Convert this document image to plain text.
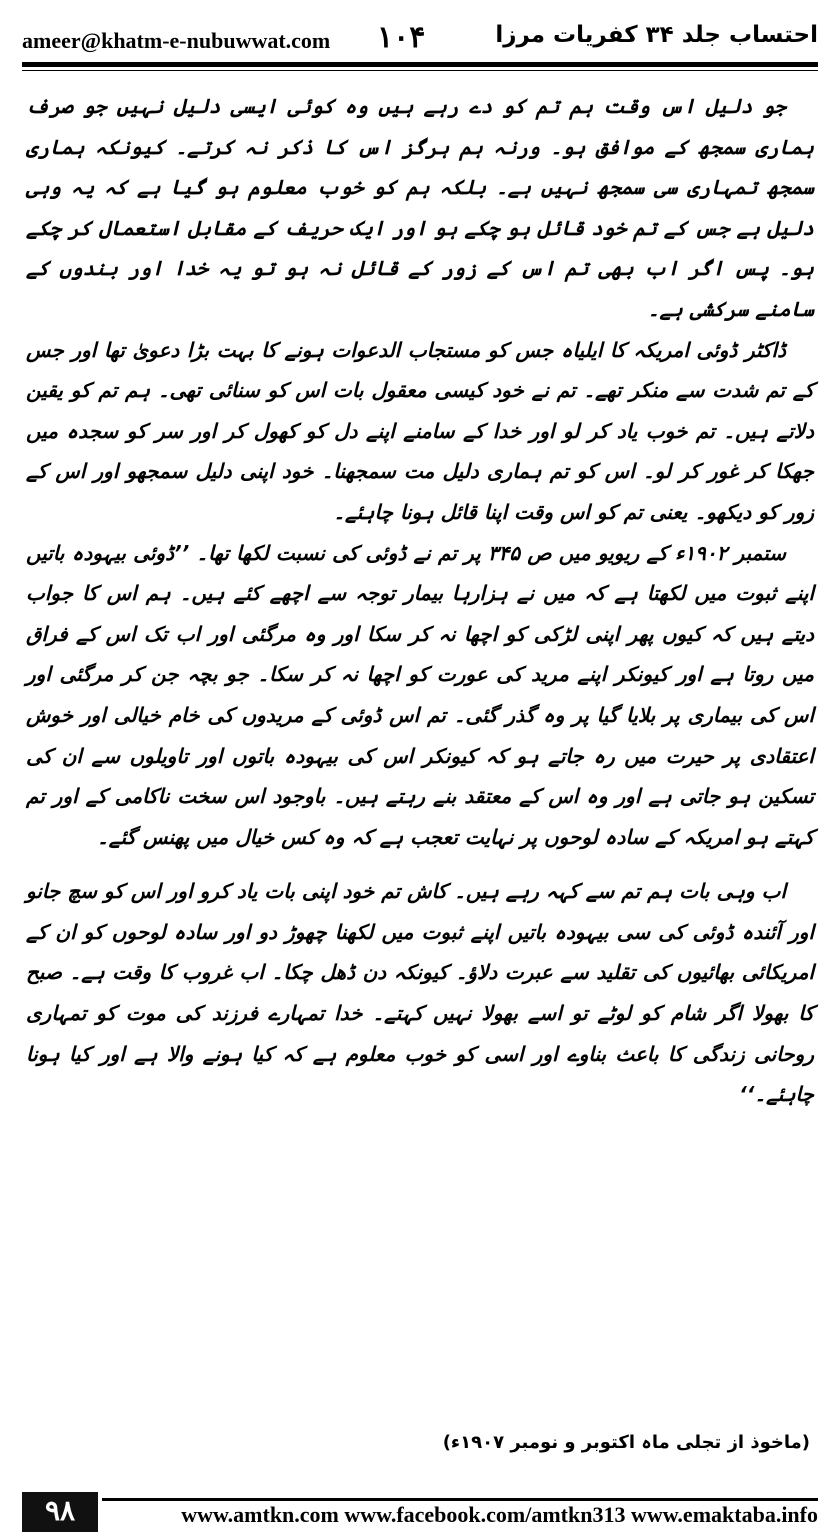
ameer@khatm-e-nubuwwat.com ۱۰۴	احتساب جلد ۳۴ کفریات مرزا

جو دلیل اس وقت ہم تم کو دے رہے ہیں وہ کوئی ایسی دلیل نہیں جو صرف ہماری سمجھ کے موافق ہو۔ ورنہ ہم ہرگز اس کا ذکر نہ کرتے۔ کیونکہ ہماری سمجھ تمہاری سی سمجھ نہیں ہے۔ بلکہ ہم کو خوب معلوم ہو گیا ہے کہ یہ وہی دلیل ہے جس کے تم خود قائل ہو چکے ہو اور ایک حریف کے مقابل استعمال کر چکے ہو۔ پس اگر اب بھی تم اس کے زور کے قائل نہ ہو تو یہ خدا اور بندوں کے سامنے سرکشی ہے۔

ڈاکٹر ڈوئی امریکہ کا ایلیاہ جس کو مستجاب الدعوات ہونے کا بہت بڑا دعویٰ تھا اور جس کے تم شدت سے منکر تھے۔ تم نے خود کیسی معقول بات اس کو سنائی تھی۔ ہم تم کو یقین دلاتے ہیں۔ تم خوب یاد کر لو اور خدا کے سامنے اپنے دل کو کھول کر اور سر کو سجدہ میں جھکا کر غور کر لو۔ اس کو تم ہماری دلیل مت سمجھنا۔ خود اپنی دلیل سمجھو اور اس کے زور کو دیکھو۔ یعنی تم کو اس وقت اپنا قائل ہونا چاہئے۔

ستمبر ۱۹۰۲ء کے ریویو میں ص ۳۴۵ پر تم نے ڈوئی کی نسبت لکھا تھا۔ ’’ڈوئی بیہودہ باتیں اپنے ثبوت میں لکھتا ہے کہ میں نے ہزارہا بیمار توجہ سے اچھے کئے ہیں۔ ہم اس کا جواب دیتے ہیں کہ کیوں پھر اپنی لڑکی کو اچھا نہ کر سکا اور وہ مرگئی اور اب تک اس کے فراق میں روتا ہے اور کیونکر اپنے مرید کی عورت کو اچھا نہ کر سکا۔ جو بچہ جن کر مرگئی اور اس کی بیماری پر بلایا گیا پر وہ گذر گئی۔ تم اس ڈوئی کے مریدوں کی خام خیالی اور خوش اعتقادی پر حیرت میں رہ جاتے ہو کہ کیونکر اس کی بیہودہ باتوں اور تاویلوں سے ان کی تسکین ہو جاتی ہے اور وہ اس کے معتقد بنے رہتے ہیں۔ باوجود اس سخت ناکامی کے اور تم کہتے ہو امریکہ کے سادہ لوحوں پر نہایت تعجب ہے کہ وہ کس خیال میں پھنس گئے۔

اب وہی بات ہم تم سے کہہ رہے ہیں۔ کاش تم خود اپنی بات یاد کرو اور اس کو سچ جانو اور آئندہ ڈوئی کی سی بیہودہ باتیں اپنے ثبوت میں لکھنا چھوڑ دو اور سادہ لوحوں کو ان کے امریکائی بھائیوں کی تقلید سے عبرت دلاؤ۔ کیونکہ دن ڈھل چکا۔ اب غروب کا وقت ہے۔ صبح کا بھولا اگر شام کو لوٹے تو اسے بھولا نہیں کہتے۔ خدا تمہارے فرزند کی موت کو تمہاری روحانی زندگی کا باعث بناوے اور اسی کو خوب معلوم ہے کہ کیا ہونے والا ہے اور کیا ہونا چاہئے۔‘‘

(ماخوذ از تجلی ماہ اکتوبر و نومبر ۱۹۰۷ء)
۹۸	www.amtkn.com www.facebook.com/amtkn313 www.emaktaba.info
